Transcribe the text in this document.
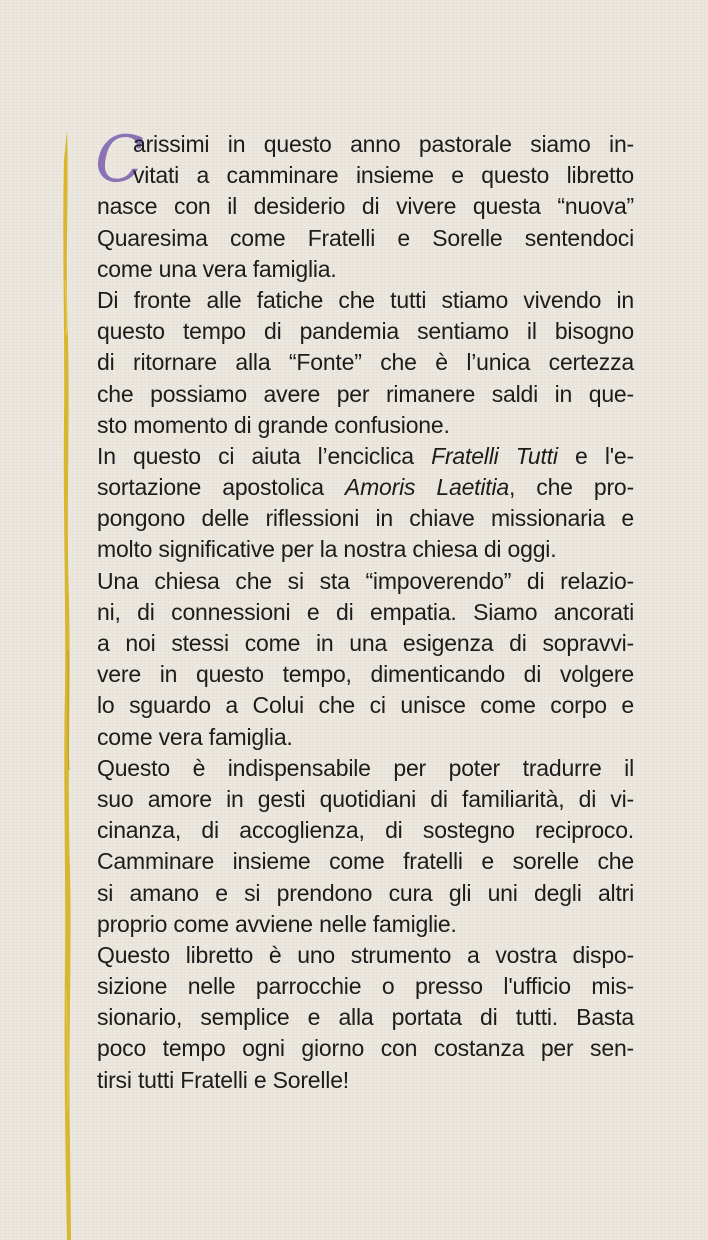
C
arissimi in questo anno pastorale siamo in-
vitati a camminare insieme e questo libretto
nasce con il desiderio di vivere questa “nuova”
Quaresima come Fratelli e Sorelle sentendoci
come una vera famiglia.
Di fronte alle fatiche che tutti stiamo vivendo in
questo tempo di pandemia sentiamo il bisogno
di ritornare alla “Fonte” che è l’unica certezza
che possiamo avere per rimanere saldi in que-
sto momento di grande confusione.
In questo ci aiuta l’enciclica Fratelli Tutti e l'e-
sortazione apostolica Amoris Laetitia, che pro-
pongono delle riflessioni in chiave missionaria e
molto significative per la nostra chiesa di oggi.
Una chiesa che si sta “impoverendo” di relazio-
ni, di connessioni e di empatia. Siamo ancorati
a noi stessi come in una esigenza di sopravvi-
vere in questo tempo, dimenticando di volgere
lo sguardo a Colui che ci unisce come corpo e
come vera famiglia.
Questo è indispensabile per poter tradurre il
suo amore in gesti quotidiani di familiarità, di vi-
cinanza, di accoglienza, di sostegno reciproco.
Camminare insieme come fratelli e sorelle che
si amano e si prendono cura gli uni degli altri
proprio come avviene nelle famiglie.
Questo libretto è uno strumento a vostra dispo-
sizione nelle parrocchie o presso l'ufficio mis-
sionario, semplice e alla portata di tutti. Basta
poco tempo ogni giorno con costanza per sen-
tirsi tutti Fratelli e Sorelle!
